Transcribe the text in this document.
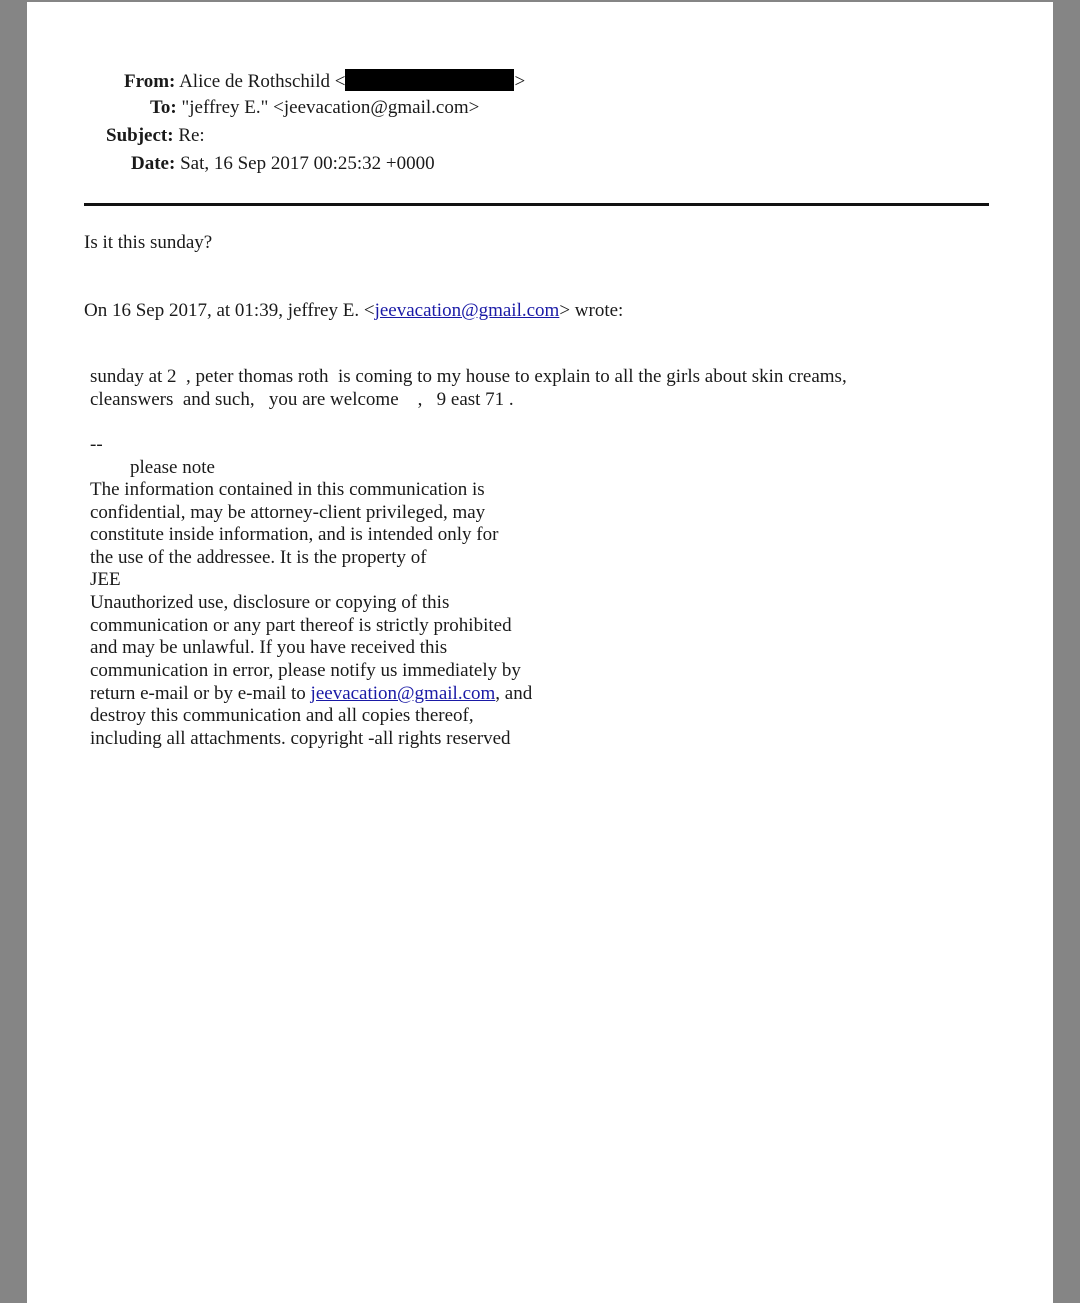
From: Alice de Rothschild <	>
To: "jeffrey E." <jeevacation@gmail.com>
Subject: Re:
Date: Sat, 16 Sep 2017 00:25:32 +0000
Is it this sunday?
On 16 Sep 2017, at 01:39, jeffrey E. <jeevacation@gmail.com> wrote:
sunday at 2  , peter thomas roth  is coming to my house to explain to all the girls about skin creams,
cleanswers  and such,   you are welcome    ,   9 east 71 .
--
please note
The information contained in this communication is
confidential, may be attorney-client privileged, may
constitute inside information, and is intended only for
the use of the addressee. It is the property of
JEE
Unauthorized use, disclosure or copying of this
communication or any part thereof is strictly prohibited
and may be unlawful. If you have received this
communication in error, please notify us immediately by
return e-mail or by e-mail to jeevacation@gmail.com, and
destroy this communication and all copies thereof,
including all attachments. copyright -all rights reserved
